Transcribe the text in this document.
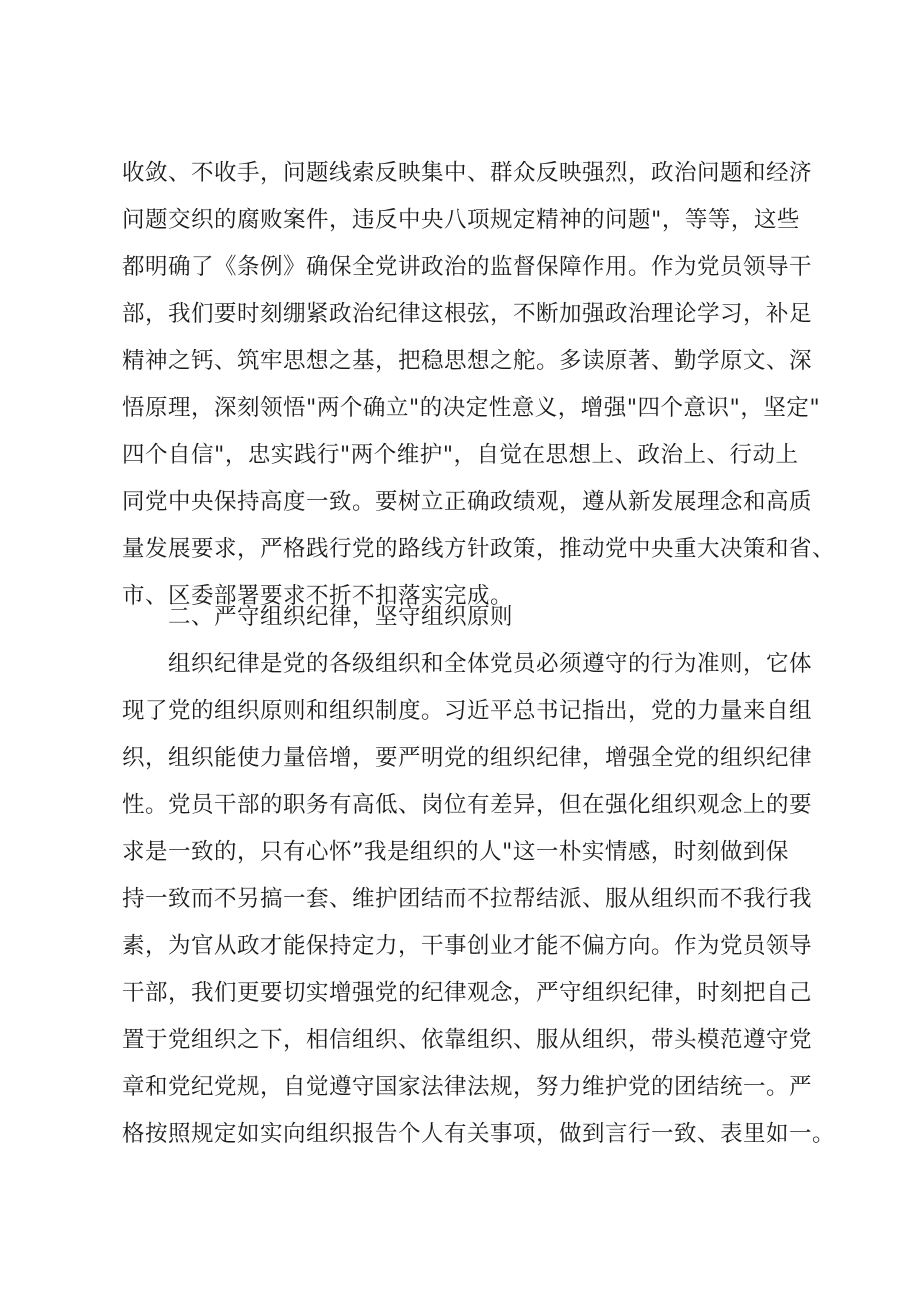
收敛、不收手，问题线索反映集中、群众反映强烈，政治问题和经济
问题交织的腐败案件，违反中央八项规定精神的问题"，等等，这些
都明确了《条例》确保全党讲政治的监督保障作用。作为党员领导干
部，我们要时刻绷紧政治纪律这根弦，不断加强政治理论学习，补足
精神之钙、筑牢思想之基，把稳思想之舵。多读原著、勤学原文、深
悟原理，深刻领悟"两个确立"的决定性意义，增强"四个意识"，坚定"
四个自信"，忠实践行"两个维护"，自觉在思想上、政治上、行动上
同党中央保持高度一致。要树立正确政绩观，遵从新发展理念和高质
量发展要求，严格践行党的路线方针政策，推动党中央重大决策和省、
市、区委部署要求不折不扣落实完成。
二、严守组织纪律，坚守组织原则
组织纪律是党的各级组织和全体党员必须遵守的行为准则，它体
现了党的组织原则和组织制度。习近平总书记指出，党的力量来自组
织，组织能使力量倍增，要严明党的组织纪律，增强全党的组织纪律
性。党员干部的职务有高低、岗位有差异，但在强化组织观念上的要
求是一致的，只有心怀”我是组织的人"这一朴实情感，时刻做到保
持一致而不另搞一套、维护团结而不拉帮结派、服从组织而不我行我
素，为官从政才能保持定力，干事创业才能不偏方向。作为党员领导
干部，我们更要切实增强党的纪律观念，严守组织纪律，时刻把自己
置于党组织之下，相信组织、依靠组织、服从组织，带头模范遵守党
章和党纪党规，自觉遵守国家法律法规，努力维护党的团结统一。严
格按照规定如实向组织报告个人有关事项，做到言行一致、表里如一。
